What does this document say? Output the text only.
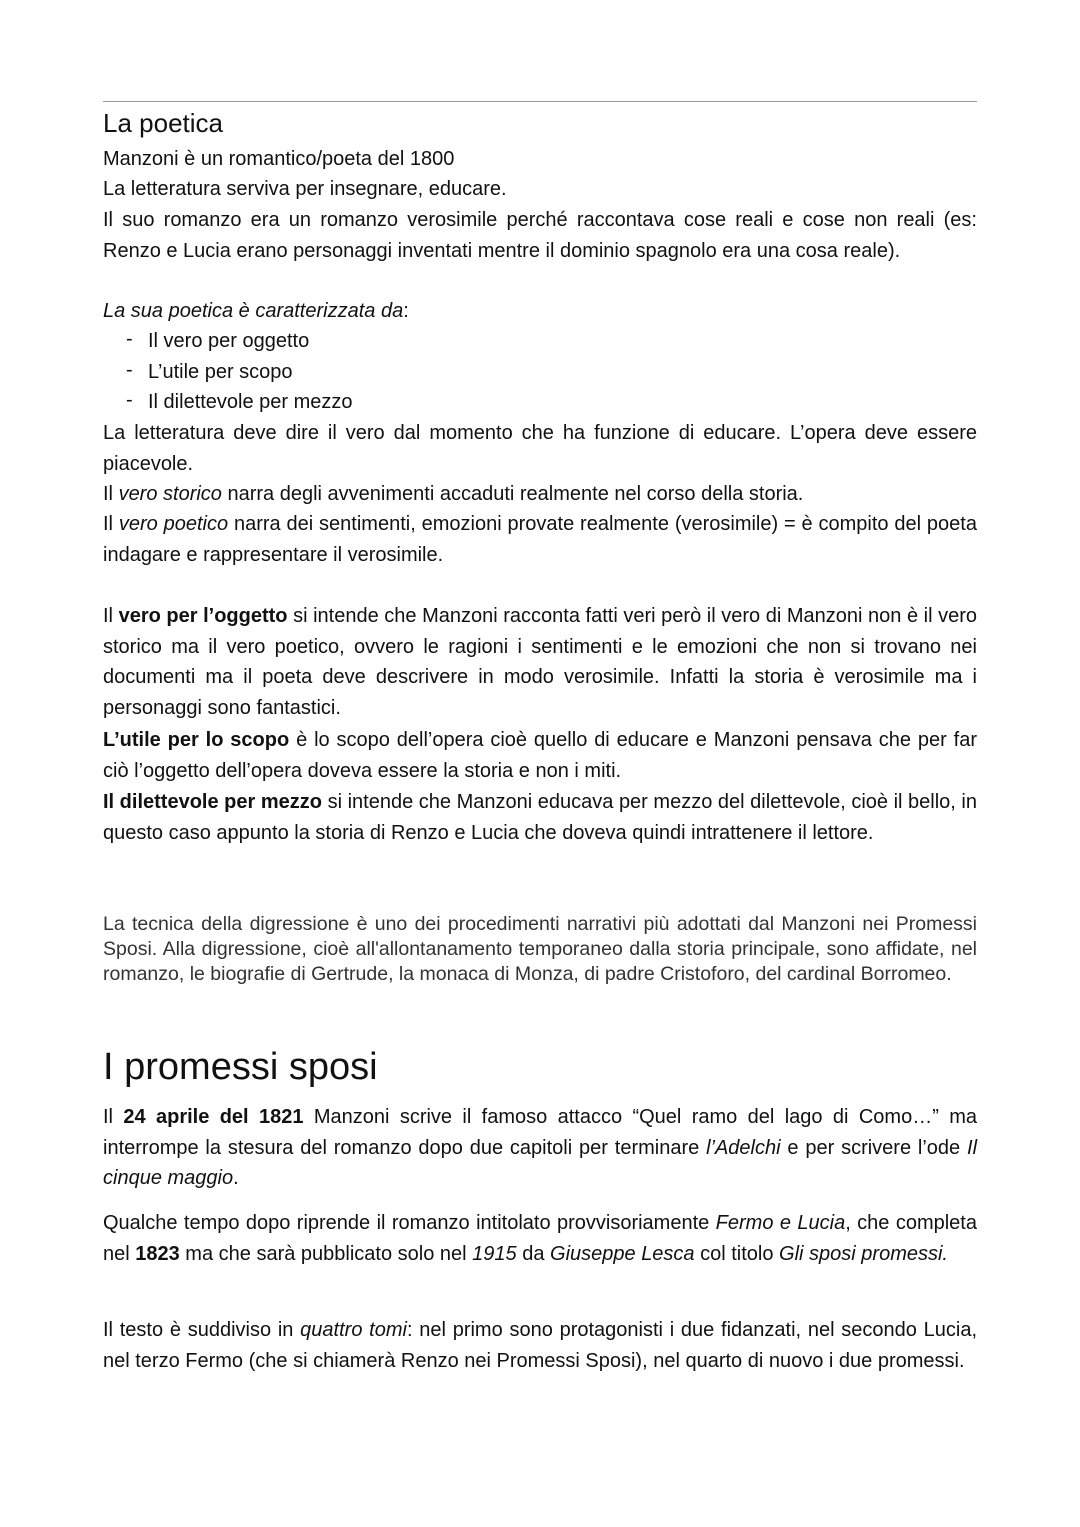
La poetica

Manzoni è un romantico/poeta del 1800

La letteratura serviva per insegnare, educare.

Il suo romanzo era un romanzo verosimile perché raccontava cose reali e cose non reali (es: Renzo e Lucia erano personaggi inventati mentre il dominio spagnolo era una cosa reale).

La sua poetica è caratterizzata da:

- Il vero per oggetto
- L’utile per scopo
- Il dilettevole per mezzo

La letteratura deve dire il vero dal momento che ha funzione di educare. L’opera deve essere piacevole.

Il vero storico narra degli avvenimenti accaduti realmente nel corso della storia.

Il vero poetico narra dei sentimenti, emozioni provate realmente (verosimile) = è compito del poeta indagare e rappresentare il verosimile.

Il vero per l’oggetto si intende che Manzoni racconta fatti veri però il vero di Manzoni non è il vero storico ma il vero poetico, ovvero le ragioni i sentimenti e le emozioni che non si trovano nei documenti ma il poeta deve descrivere in modo verosimile. Infatti la storia è verosimile ma i personaggi sono fantastici.

L’utile per lo scopo è lo scopo dell’opera cioè quello di educare e Manzoni pensava che per far ciò l’oggetto dell’opera doveva essere la storia e non i miti.

Il dilettevole per mezzo si intende che Manzoni educava per mezzo del dilettevole, cioè il bello, in questo caso appunto la storia di Renzo e Lucia che doveva quindi intrattenere il lettore.

La tecnica della digressione è uno dei procedimenti narrativi più adottati dal Manzoni nei Promessi Sposi. Alla digressione, cioè all'allontanamento temporaneo dalla storia principale, sono affidate, nel romanzo, le biografie di Gertrude, la monaca di Monza, di padre Cristoforo, del cardinal Borromeo.

I promessi sposi

Il 24 aprile del 1821 Manzoni scrive il famoso attacco “Quel ramo del lago di Como…” ma interrompe la stesura del romanzo dopo due capitoli per terminare l’Adelchi e per scrivere l’ode Il cinque maggio.

Qualche tempo dopo riprende il romanzo intitolato provvisoriamente Fermo e Lucia, che completa nel 1823 ma che sarà pubblicato solo nel 1915 da Giuseppe Lesca col titolo Gli sposi promessi.

Il testo è suddiviso in quattro tomi: nel primo sono protagonisti i due fidanzati, nel secondo Lucia, nel terzo Fermo (che si chiamerà Renzo nei Promessi Sposi), nel quarto di nuovo i due promessi.
